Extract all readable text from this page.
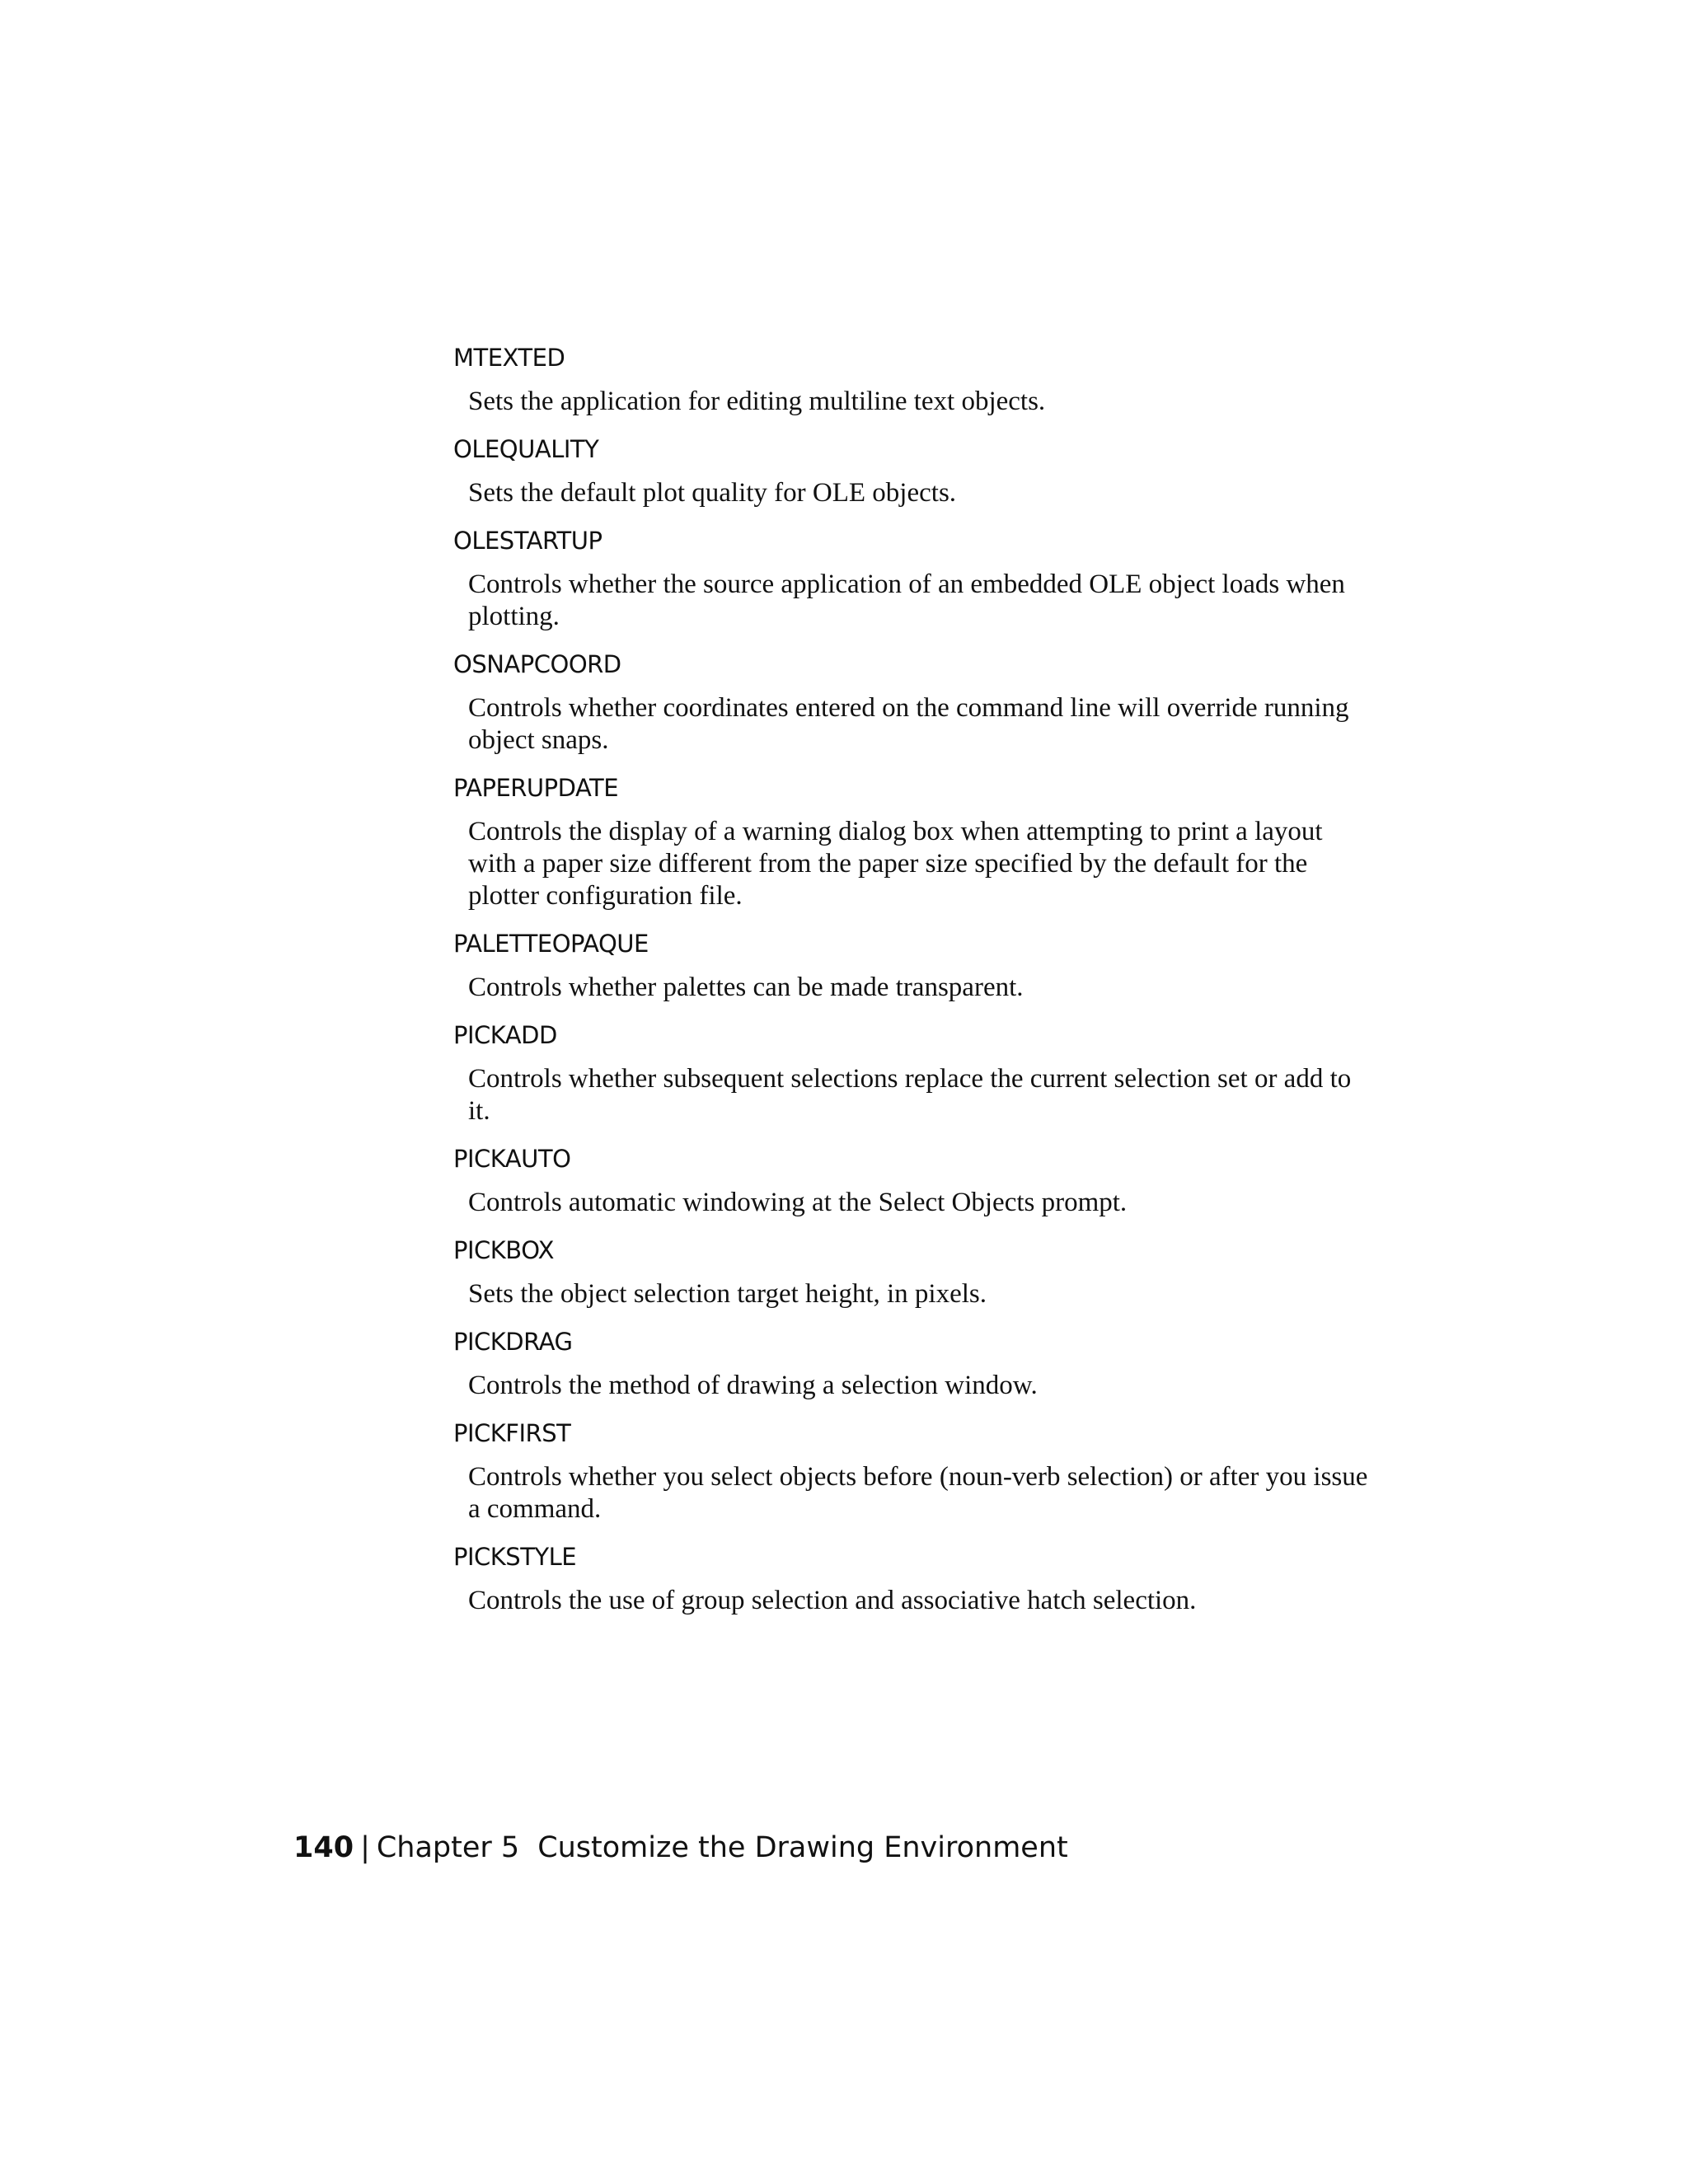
MTEXTED
Sets the application for editing multiline text objects.
OLEQUALITY
Sets the default plot quality for OLE objects.
OLESTARTUP
Controls whether the source application of an embedded OLE object loads when plotting.
OSNAPCOORD
Controls whether coordinates entered on the command line will override running object snaps.
PAPERUPDATE
Controls the display of a warning dialog box when attempting to print a layout with a paper size different from the paper size specified by the default for the plotter configuration file.
PALETTEOPAQUE
Controls whether palettes can be made transparent.
PICKADD
Controls whether subsequent selections replace the current selection set or add to it.
PICKAUTO
Controls automatic windowing at the Select Objects prompt.
PICKBOX
Sets the object selection target height, in pixels.
PICKDRAG
Controls the method of drawing a selection window.
PICKFIRST
Controls whether you select objects before (noun-verb selection) or after you issue a command.
PICKSTYLE
Controls the use of group selection and associative hatch selection.
140 | Chapter 5 Customize the Drawing Environment
